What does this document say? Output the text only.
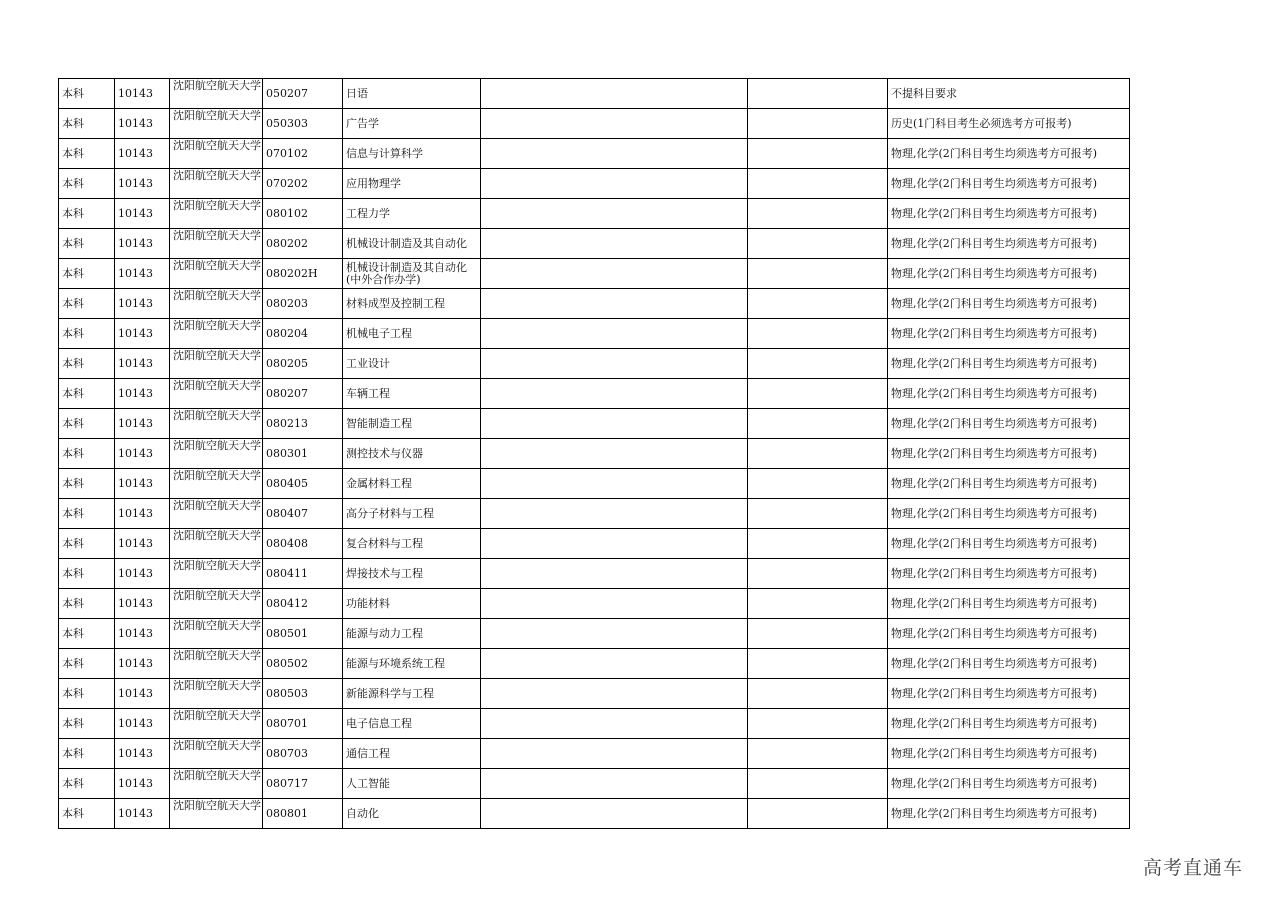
本科	10143	沈阳航空航天大学	050207	日语			不提科目要求
本科	10143	沈阳航空航天大学	050303	广告学			历史(1门科目考生必须选考方可报考)
本科	10143	沈阳航空航天大学	070102	信息与计算科学			物理,化学(2门科目考生均须选考方可报考)
本科	10143	沈阳航空航天大学	070202	应用物理学			物理,化学(2门科目考生均须选考方可报考)
本科	10143	沈阳航空航天大学	080102	工程力学			物理,化学(2门科目考生均须选考方可报考)
本科	10143	沈阳航空航天大学	080202	机械设计制造及其自动化			物理,化学(2门科目考生均须选考方可报考)
本科	10143	沈阳航空航天大学	080202H	机械设计制造及其自动化(中外合作办学)			物理,化学(2门科目考生均须选考方可报考)
本科	10143	沈阳航空航天大学	080203	材料成型及控制工程			物理,化学(2门科目考生均须选考方可报考)
本科	10143	沈阳航空航天大学	080204	机械电子工程			物理,化学(2门科目考生均须选考方可报考)
本科	10143	沈阳航空航天大学	080205	工业设计			物理,化学(2门科目考生均须选考方可报考)
本科	10143	沈阳航空航天大学	080207	车辆工程			物理,化学(2门科目考生均须选考方可报考)
本科	10143	沈阳航空航天大学	080213	智能制造工程			物理,化学(2门科目考生均须选考方可报考)
本科	10143	沈阳航空航天大学	080301	测控技术与仪器			物理,化学(2门科目考生均须选考方可报考)
本科	10143	沈阳航空航天大学	080405	金属材料工程			物理,化学(2门科目考生均须选考方可报考)
本科	10143	沈阳航空航天大学	080407	高分子材料与工程			物理,化学(2门科目考生均须选考方可报考)
本科	10143	沈阳航空航天大学	080408	复合材料与工程			物理,化学(2门科目考生均须选考方可报考)
本科	10143	沈阳航空航天大学	080411	焊接技术与工程			物理,化学(2门科目考生均须选考方可报考)
本科	10143	沈阳航空航天大学	080412	功能材料			物理,化学(2门科目考生均须选考方可报考)
本科	10143	沈阳航空航天大学	080501	能源与动力工程			物理,化学(2门科目考生均须选考方可报考)
本科	10143	沈阳航空航天大学	080502	能源与环境系统工程			物理,化学(2门科目考生均须选考方可报考)
本科	10143	沈阳航空航天大学	080503	新能源科学与工程			物理,化学(2门科目考生均须选考方可报考)
本科	10143	沈阳航空航天大学	080701	电子信息工程			物理,化学(2门科目考生均须选考方可报考)
本科	10143	沈阳航空航天大学	080703	通信工程			物理,化学(2门科目考生均须选考方可报考)
本科	10143	沈阳航空航天大学	080717	人工智能			物理,化学(2门科目考生均须选考方可报考)
本科	10143	沈阳航空航天大学	080801	自动化			物理,化学(2门科目考生均须选考方可报考)
高考直通车
